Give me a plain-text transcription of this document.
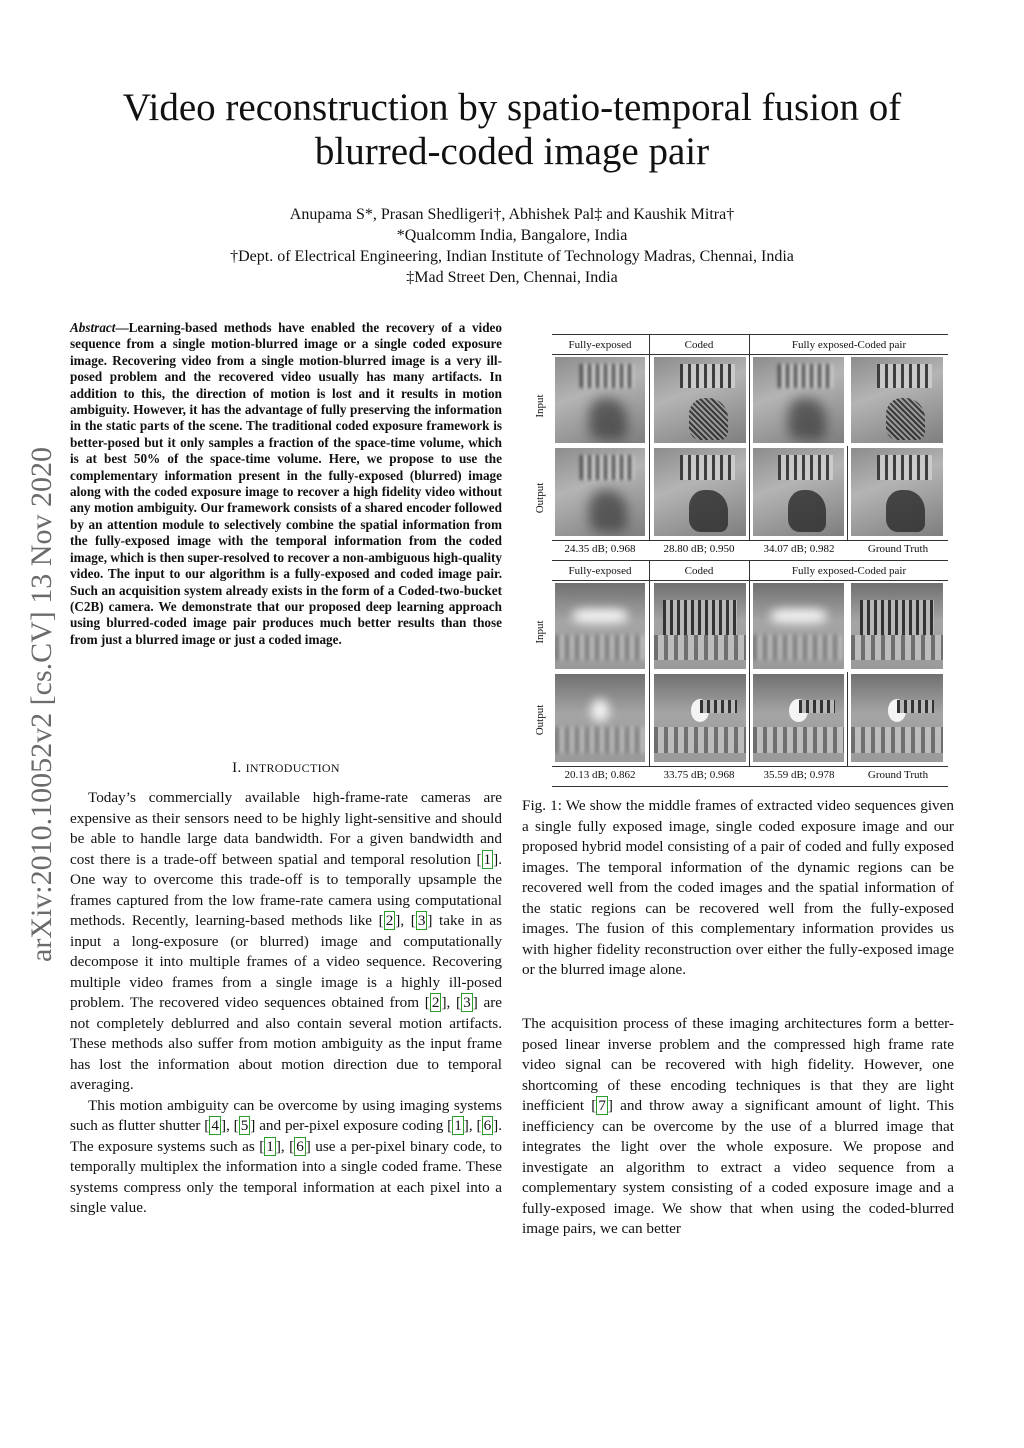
arXiv:2010.10052v2 [cs.CV] 13 Nov 2020
Video reconstruction by spatio-temporal fusion of blurred-coded image pair
Anupama S*, Prasan Shedligeri†, Abhishek Pal‡ and Kaushik Mitra†
*Qualcomm India, Bangalore, India
†Dept. of Electrical Engineering, Indian Institute of Technology Madras, Chennai, India
‡Mad Street Den, Chennai, India
Abstract—Learning-based methods have enabled the recovery of a video sequence from a single motion-blurred image or a single coded exposure image. Recovering video from a single motion-blurred image is a very ill-posed problem and the recovered video usually has many artifacts. In addition to this, the direction of motion is lost and it results in motion ambiguity. However, it has the advantage of fully preserving the information in the static parts of the scene. The traditional coded exposure framework is better-posed but it only samples a fraction of the space-time volume, which is at best 50% of the space-time volume. Here, we propose to use the complementary information present in the fully-exposed (blurred) image along with the coded exposure image to recover a high fidelity video without any motion ambiguity. Our framework consists of a shared encoder followed by an attention module to selectively combine the spatial information from the fully-exposed image with the temporal information from the coded image, which is then super-resolved to recover a non-ambiguous high-quality video. The input to our algorithm is a fully-exposed and coded image pair. Such an acquisition system already exists in the form of a Coded-two-bucket (C2B) camera. We demonstrate that our proposed deep learning approach using blurred-coded image pair produces much better results than those from just a blurred image or just a coded image.
I. INTRODUCTION

Today’s commercially available high-frame-rate cameras are expensive as their sensors need to be highly light-sensitive and should be able to handle large data bandwidth. For a given bandwidth and cost there is a trade-off between spatial and temporal resolution [ 1 ]. One way to overcome this trade-off is to temporally upsample the frames captured from the low frame-rate camera using computational methods. Recently, learning-based methods like [ 2 ], [ 3 ] take in as input a long-exposure (or blurred) image and computationally decompose it into multiple frames of a video sequence. Recovering multiple video frames from a single image is a highly ill-posed problem. The recovered video sequences obtained from [ 2 ], [ 3 ] are not completely deblurred and also contain several motion artifacts. These methods also suffer from motion ambiguity as the input frame has lost the information about motion direction due to temporal averaging.

This motion ambiguity can be overcome by using imaging systems such as flutter shutter [ 4 ], [ 5 ] and per-pixel exposure coding [ 1 ], [ 6 ]. The exposure systems such as [ 1 ], [ 6 ] use a per-pixel binary code, to temporally multiplex the information into a single coded frame. These systems compress only the temporal information at each pixel into a single value.

Fully-exposed	Coded	Fully exposed-Coded pair
Input
Output
24.35 dB; 0.968	28.80 dB; 0.950	34.07 dB; 0.982	Ground Truth
Fully-exposed	Coded	Fully exposed-Coded pair
Input
Output
20.13 dB; 0.862	33.75 dB; 0.968	35.59 dB; 0.978	Ground Truth
Fig. 1: We show the middle frames of extracted video sequences given a single fully exposed image, single coded exposure image and our proposed hybrid model consisting of a pair of coded and fully exposed images. The temporal information of the dynamic regions can be recovered well from the coded images and the spatial information of the static regions can be recovered well from the fully-exposed images. The fusion of this complementary information provides us with higher fidelity reconstruction over either the fully-exposed image or the blurred image alone.
The acquisition process of these imaging architectures form a better-posed linear inverse problem and the compressed high frame rate video signal can be recovered with high fidelity. However, one shortcoming of these encoding techniques is that they are light inefficient [ 7 ] and throw away a significant amount of light. This inefficiency can be overcome by the use of a blurred image that integrates the light over the whole exposure. We propose and investigate an algorithm to extract a video sequence from a complementary system consisting of a coded exposure image and a fully-exposed image. We show that when using the coded-blurred image pairs, we can better
